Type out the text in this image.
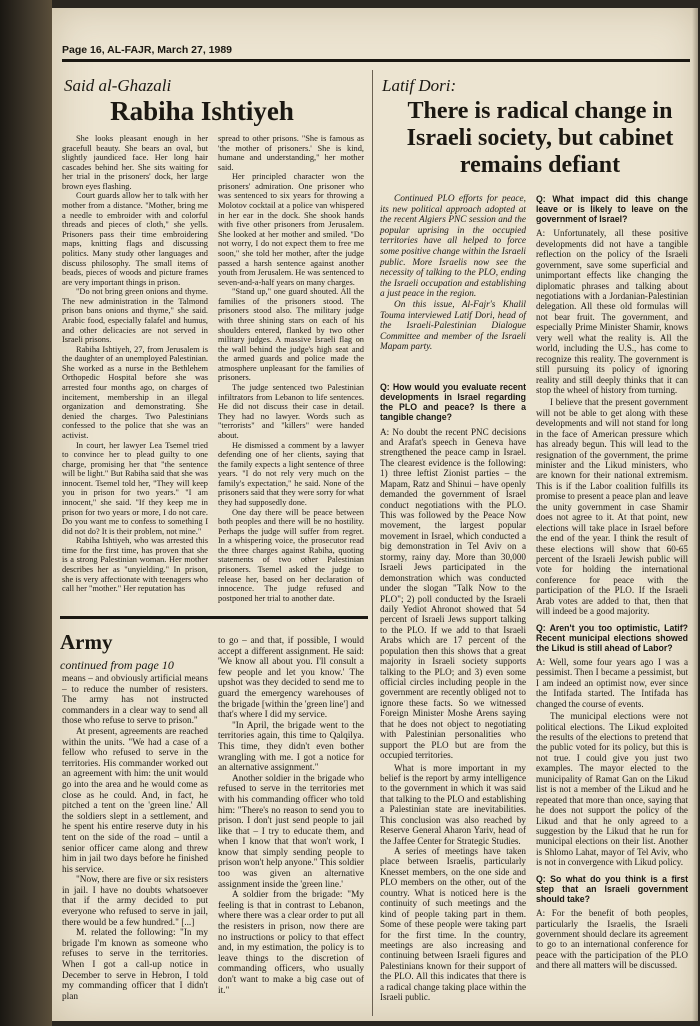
Page 16, AL-FAJR, March 27, 1989
Said al-Ghazali
Rabiha Ishtiyeh

She looks pleasant enough in her gracefull beauty. She bears an oval, but slightly jaundiced face. Her long hair cascades behind her. She sits waiting for her trial in the prisoners' dock, her large brown eyes flashing.

Court guards allow her to talk with her mother from a distance. "Mother, bring me a needle to embroider with and colorful threads and pieces of cloth," she yells. Prisoners pass their time embroidering maps, knitting flags and discussing politics. Many study other languages and discuss philosophy. The small items of beads, pieces of woods and picture frames are very important things in prison.

"Do not bring green onions and thyme. The new administration in the Talmond prison bans onions and thyme," she said. Arabic food, especially falafel and humus, and other delicacies are not served in Israeli prisons.

Rabiha Ishtiyeh, 27, from Jerusalem is the daughter of an unemployed Palestinian. She worked as a nurse in the Bethlehem Orthopedic Hospital before she was arrested four months ago, on charges of incitement, membership in an illegal organization and demonstrating. She denied the charges. Two Palestinians confessed to the police that she was an activist.

In court, her lawyer Lea Tsemel tried to convince her to plead guilty to one charge, promising her that "the sentence will be light." But Rabiha said that she was innocent. Tsemel told her, "They will keep you in prison for two years." "I am innocent," she said. "If they keep me in prison for two years or more, I do not care. Do you want me to confess to something I did not do? It is their problem, not mine."

Rabiha Ishtiyeh, who was arrested this time for the first time, has proven that she is a strong Palestinian woman. Her mother describes her as "unyielding." In prison, she is very affectionate with teenagers who call her "mother." Her reputation has

spread to other prisons. "She is famous as 'the mother of prisoners.' She is kind, humane and understanding," her mother said.

Her principled character won the prisoners' admiration. One prisoner who was sentenced to six years for throwing a Molotov cocktail at a police van whispered in her ear in the dock. She shook hands with five other prisoners from Jerusalem. She looked at her mother and smiled. "Do not worry, I do not expect them to free me soon," she told her mother, after the judge passed a harsh sentence against another youth from Jerusalem. He was sentenced to seven-and-a-half years on many charges.

"Stand up," one guard shouted. All the families of the prisoners stood. The prisoners stood also. The military judge with three shining stars on each of his shoulders entered, flanked by two other military judges. A massive Israeli flag on the wall behind the judge's high seat and the armed guards and police made the atmosphere unpleasant for the families of prisoners.

The judge sentenced two Palestinian infiltrators from Lebanon to life sentences. He did not discuss their case in detail. They had no lawyer. Words such as "terrorists" and "killers" were handed about.

He dismissed a comment by a lawyer defending one of her clients, saying that the family expects a light sentence of three years. "I do not rely very much on the family's expectation," he said. None of the prisoners said that they were sorry for what they had supposedly done.

One day there will be peace between both peoples and there will be no hostility. Perhaps the judge will suffer from regret. In a whispering voice, the prosecutor read the three charges against Rabiha, quoting statements of two other Palestinian prisoners. Tsemel asked the judge to release her, based on her declaration of innocence. The judge refused and postponed her trial to another date.

Army
continued from page 10

means – and obviously artificial means – to reduce the number of resisters. The army has not instructed commanders in a clear way to send all those who refuse to serve to prison."

At present, agreements are reached within the units. "We had a case of a fellow who refused to serve in the territories. His commander worked out an agreement with him: the unit would go into the area and he would come as close as he could. And, in fact, he pitched a tent on the 'green line.' All the soldiers slept in a settlement, and he spent his entire reserve duty in his tent on the side of the road – until a senior officer came along and threw him in jail two days before he finished his service.

"Now, there are five or six resisters in jail. I have no doubts whatsoever that if the army decided to put everyone who refused to serve in jail, there would be a few hundred." [...]

M. related the following: "In my brigade I'm known as someone who refuses to serve in the territories. When I got a call-up notice in December to serve in Hebron, I told my commanding officer that I didn't plan

to go – and that, if possible, I would accept a different assignment. He said: 'We know all about you. I'll consult a few people and let you know.' The upshot was they decided to send me to guard the emergency warehouses of the brigade [within the 'green line'] and that's where I did my service.

"In April, the brigade went to the territories again, this time to Qalqilya. This time, they didn't even bother wrangling with me. I got a notice for an alternative assignment."

Another soldier in the brigade who refused to serve in the territories met with his commanding officer who told him: "There's no reason to send you to prison. I don't just send people to jail like that – I try to educate them, and when I know that that won't work, I know that simply sending people to prison won't help anyone." This soldier too was given an alternative assignment inside the 'green line.'

A soldier from the brigade: "My feeling is that in contrast to Lebanon, where there was a clear order to put all the resisters in prison, now there are no instructions or policy to that effect and, in my estimation, the policy is to leave things to the discretion of commanding officers, who usually don't want to make a big case out of it."

Latif Dori:
There is radical change in Israeli society, but cabinet remains defiant

Continued PLO efforts for peace, its new political approach adopted at the recent Algiers PNC session and the popular uprising in the occupied territories have all helped to force some positive change within the Israeli public. More Israelis now see the necessity of talking to the PLO, ending the Israeli occupation and establishing a just peace in the region.

On this issue, Al-Fajr's Khalil Touma interviewed Latif Dori, head of the Israeli-Palestinian Dialogue Committee and member of the Israeli Mapam party.

Q: How would you evaluate recent developments in Israel regarding the PLO and peace? Is there a tangible change?

A: No doubt the recent PNC decisions and Arafat's speech in Geneva have strengthened the peace camp in Israel. The clearest evidence is the following: 1) three leftist Zionist parties – the Mapam, Ratz and Shinui – have openly demanded the government of Israel conduct negotiations with the PLO. This was followed by the Peace Now movement, the largest popular movement in Israel, which conducted a big demonstration in Tel Aviv on a stormy, rainy day. More than 30,000 Israeli Jews participated in the demonstration which was conducted under the slogan "Talk Now to the PLO"; 2) poll conducted by the Israeli daily Yediot Ahronot showed that 54 percent of Israeli Jews support talking to the PLO. If we add to that Israeli Arabs which are 17 percent of the population then this shows that a great majority in Israeli society supports talking to the PLO; and 3) even some official circles including people in the government are recently obliged not to ignore these facts. So we witnessed Foreign Minister Moshe Arens saying that he does not object to negotiating with Palestinian personalities who support the PLO but are from the occupied territories.

What is more important in my belief is the report by army intelligence to the government in which it was said that talking to the PLO and establishing a Palestinian state are inevitabilities. This conclusion was also reached by Reserve General Aharon Yariv, head of the Jaffee Center for Strategic Studies.

A series of meetings have taken place between Israelis, particularly Knesset members, on the one side and PLO members on the other, out of the country. What is noticed here is the continuity of such meetings and the kind of people taking part in them. Some of these people were taking part for the first time. In the country, meetings are also increasing and continuing between Israeli figures and Palestinians known for their support of the PLO. All this indicates that there is a radical change taking place within the Israeli public.

Q: What impact did this change leave or is likely to leave on the government of Israel?

A: Unfortunately, all these positive developments did not have a tangible reflection on the policy of the Israeli government, save some superficial and unimportant effects like changing the diplomatic phrases and talking about negotiations with a Jordanian-Palestinian delegation. All these old formulas will not bear fruit. The government, and especially Prime Minister Shamir, knows very well what the reality is. All the world, including the U.S., has come to recognize this reality. The government is still pursuing its policy of ignoring reality and still deeply thinks that it can stop the wheel of history from turning.

I believe that the present government will not be able to get along with these developments and will not stand for long in the face of American pressure which has already begun. This will lead to the resignation of the government, the prime minister and the Likud ministers, who are known for their national extremism. This is if the Labor coalition fulfills its promise to present a peace plan and leave the unity government in case Shamir does not agree to it. At that point, new elections will take place in Israel before the end of the year. I think the result of these elections will show that 60-65 percent of the Israeli Jewish public will vote for holding the international conference for peace with the participation of the PLO. If the Israeli Arab votes are added to that, then that will indeed be a good majority.

Q: Aren't you too optimistic, Latif? Recent municipal elections showed the Likud is still ahead of Labor?

A: Well, some four years ago I was a pessimist. Then I became a pessimist, but I am indeed an optimist now, ever since the Intifada started. The Intifada has changed the course of events.

The municipal elections were not political elections. The Likud exploited the results of the elections to pretend that the public voted for its policy, but this is not true. I could give you just two examples. The mayor elected to the municipality of Ramat Gan on the Likud list is not a member of the Likud and he repeated that more than once, saying that he does not support the policy of the Likud and that he only agreed to a suggestion by the Likud that he run for municipal elections on their list. Another is Shlomo Lahat, mayor of Tel Aviv, who is not in convergence with Likud policy.

Q: So what do you think is a first step that an Israeli government should take?

A: For the benefit of both peoples, particularly the Israelis, the Israeli government should declare its agreement to go to an international conference for peace with the participation of the PLO and there all matters will be discussed.
